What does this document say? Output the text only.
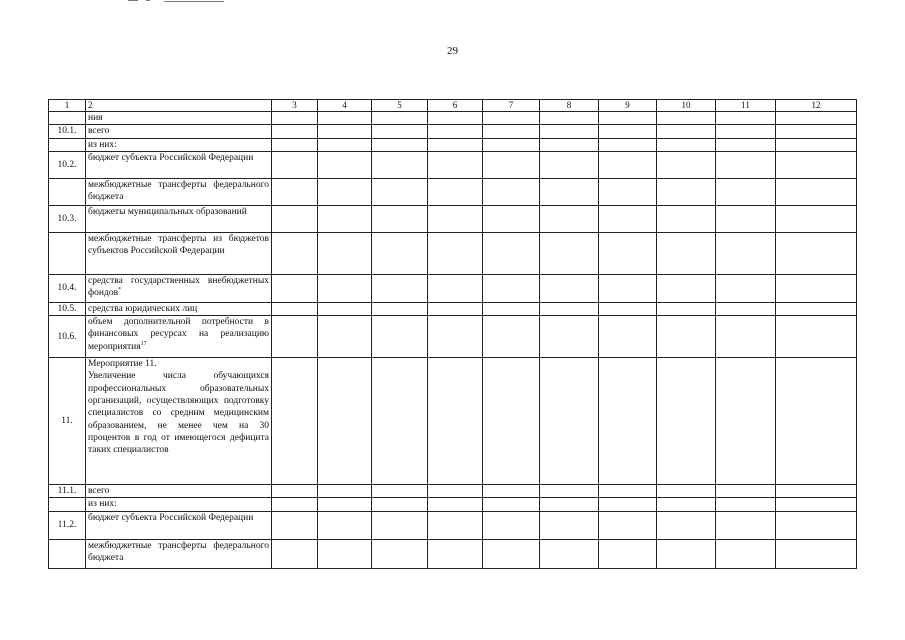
29
1	2	3	4	5	6	7	8	9	10	11	12
	ния										
10.1.	всего										
	из них:										
10.2.	бюджет субъекта Российской Федерации										
	межбюджетные трансферты федерального бюджета										
10.3.	бюджеты муниципальных образований										
	межбюджетные трансферты из бюджетов субъектов Российской Федерации										
10.4.	средства государственных внебюджетных фондов*										
10.5.	средства юридических лиц										
10.6.	объем дополнительной потребности в финансовых ресурсах на реализацию мероприятия$^{17}$										
11.	Мероприятие 11.
Увеличение числа обучающихся профессиональных образовательных организаций, осуществляющих подготовку специалистов со средним медицинским образованием, не менее чем на 30 процентов в год от имеющегося дефицита таких специалистов										
11.1.	всего										
	из них:										
11.2.	бюджет субъекта Российской Федерации										
	межбюджетные трансферты федерального бюджета										
